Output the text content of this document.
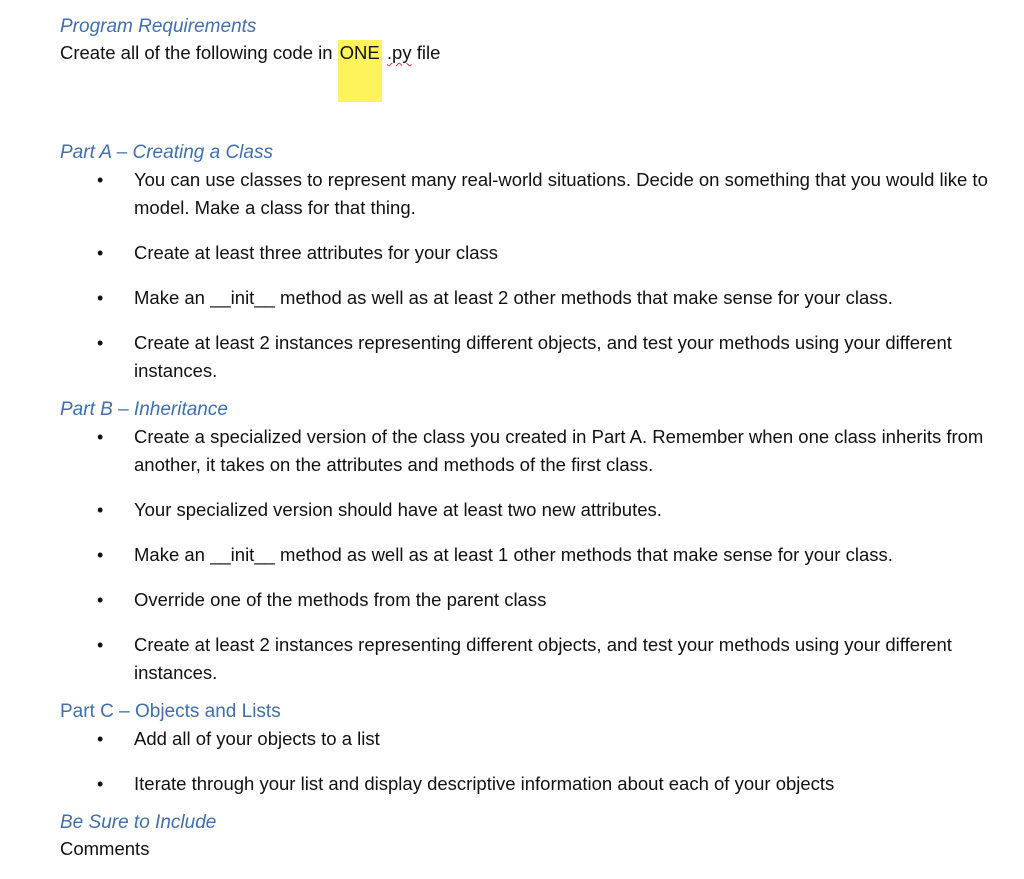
Program Requirements

Create all of the following code in ONE .py file

Part A – Creating a Class

• You can use classes to represent many real-world situations. Decide on something that you would like to model. Make a class for that thing.
• Create at least three attributes for your class
• Make an __init__ method as well as at least 2 other methods that make sense for your class.
• Create at least 2 instances representing different objects, and test your methods using your different instances.

Part B – Inheritance

• Create a specialized version of the class you created in Part A. Remember when one class inherits from another, it takes on the attributes and methods of the first class.
• Your specialized version should have at least two new attributes.
• Make an __init__ method as well as at least 1 other methods that make sense for your class.
• Override one of the methods from the parent class
• Create at least 2 instances representing different objects, and test your methods using your different instances.

Part C – Objects and Lists

• Add all of your objects to a list
• Iterate through your list and display descriptive information about each of your objects

Be Sure to Include

Comments
